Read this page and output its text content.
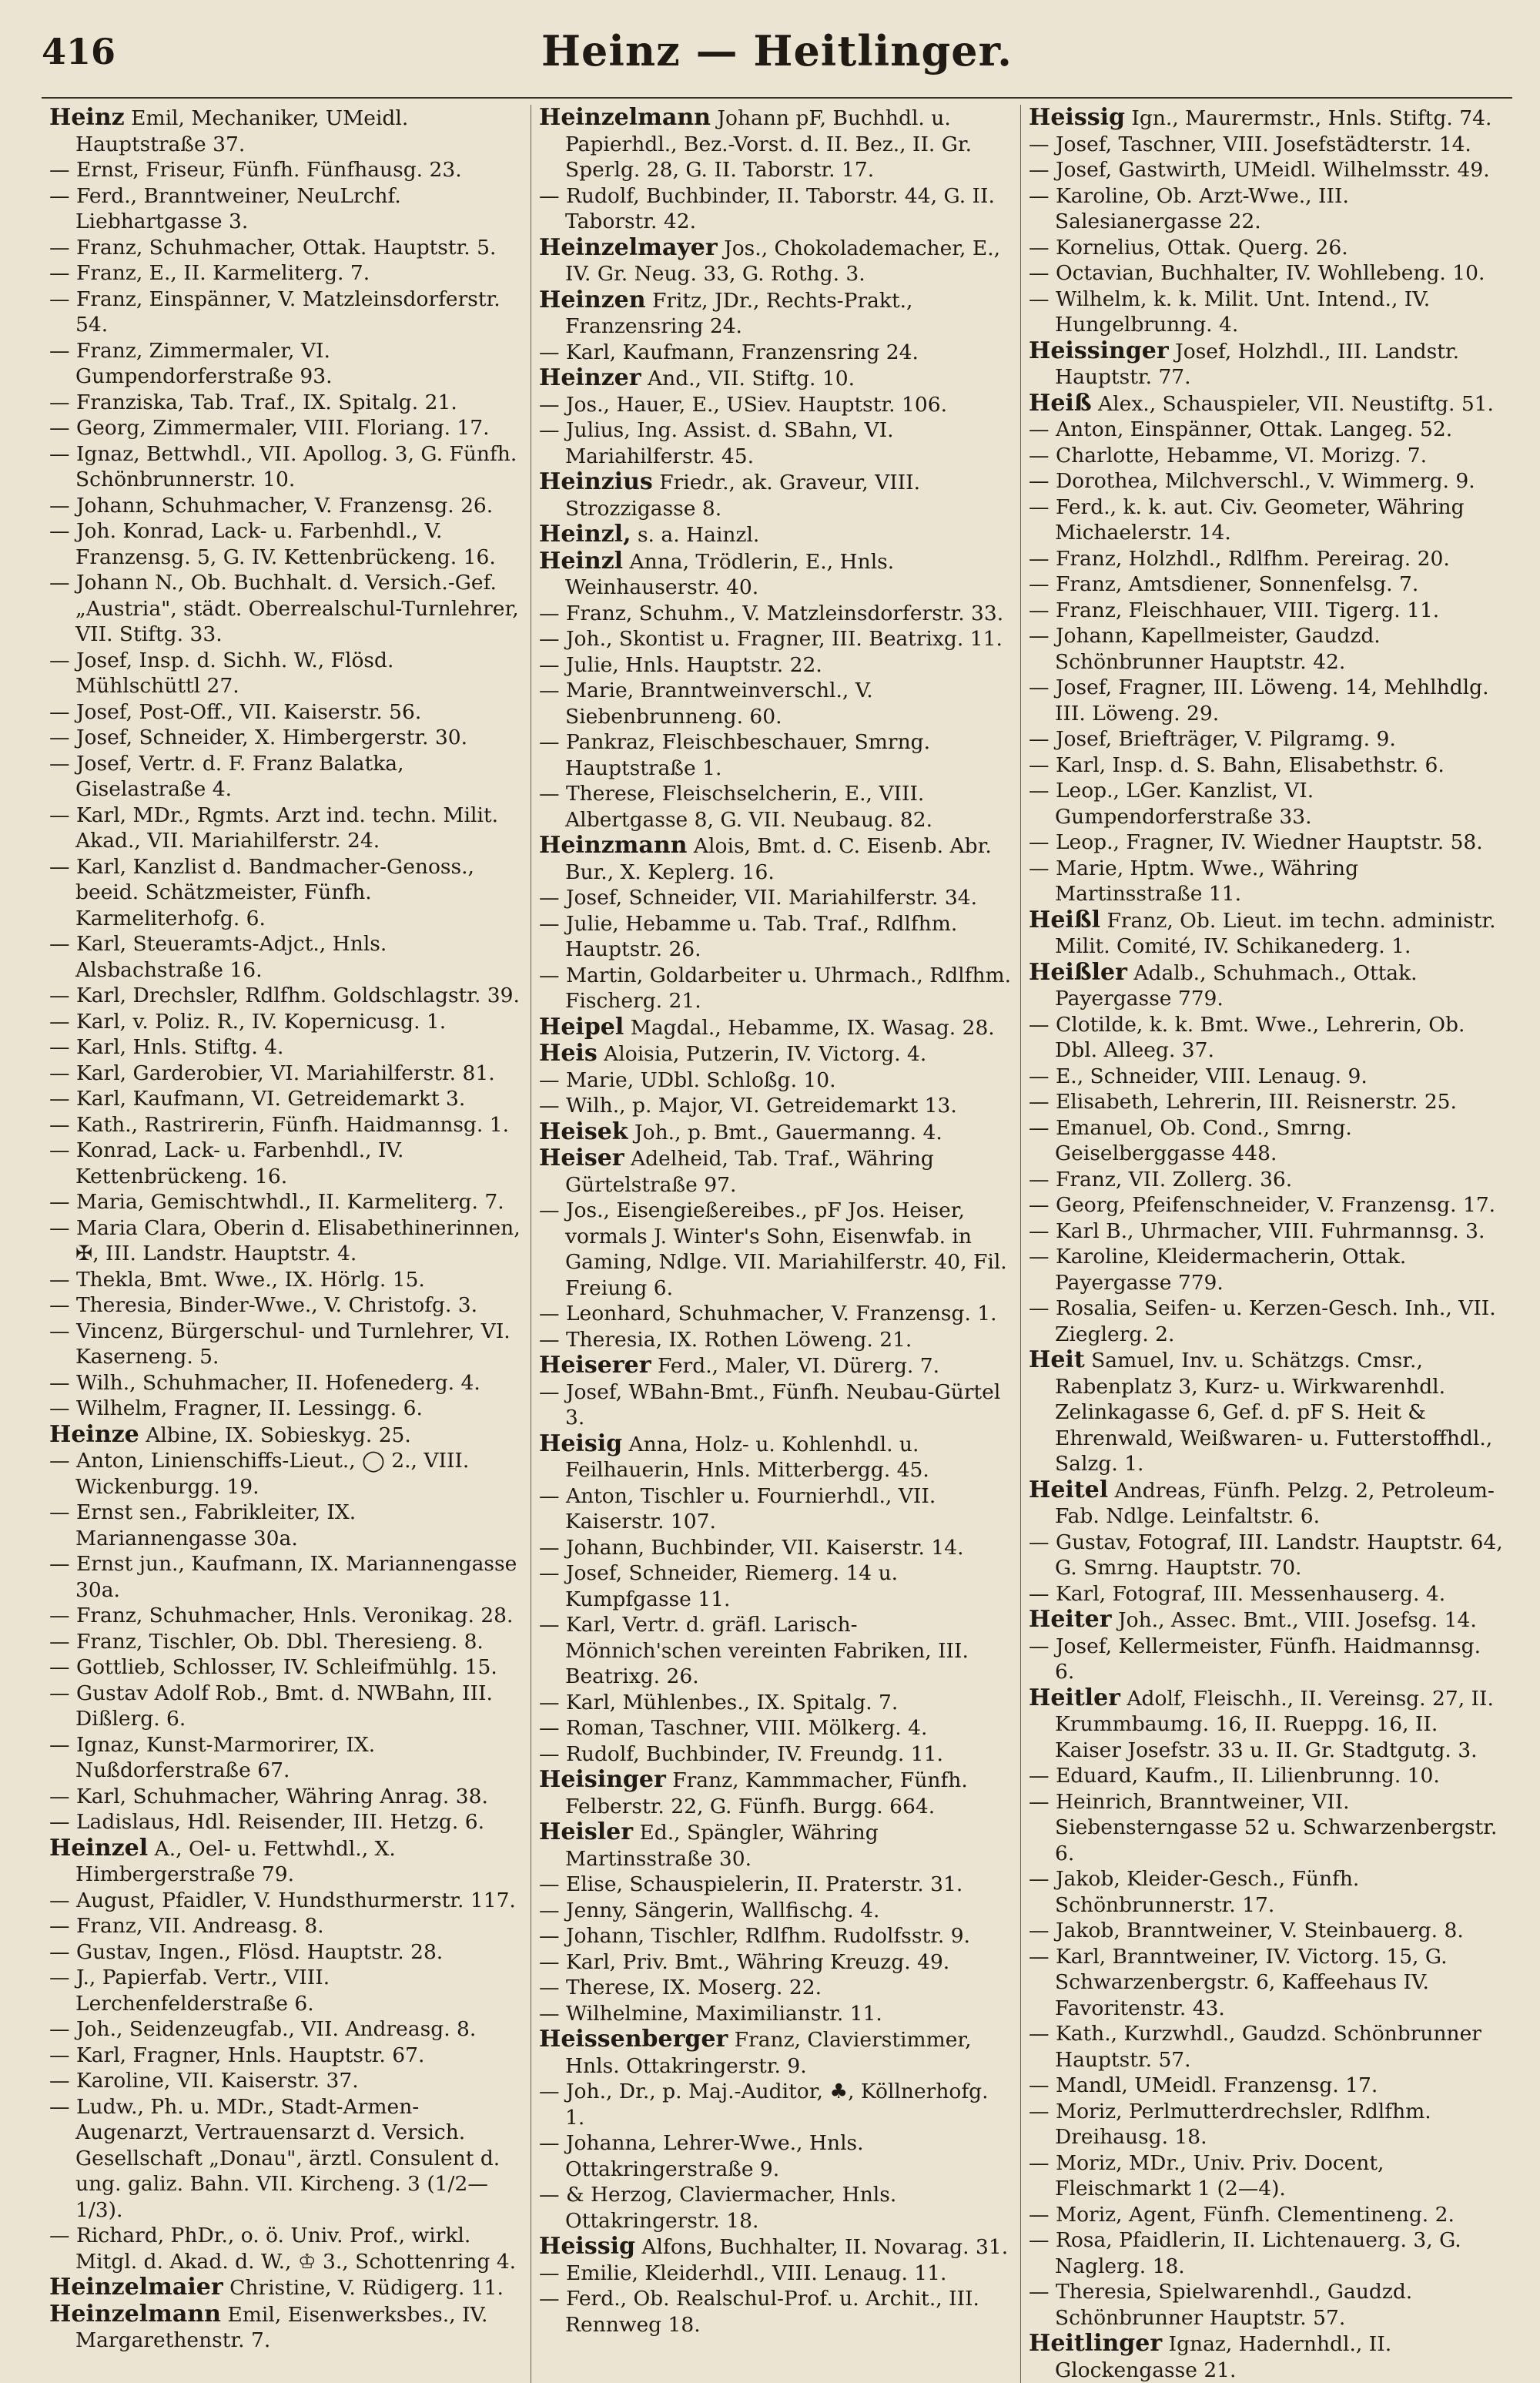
416	Heinz — Heitlinger.

Heinz Emil, Mechaniker, UMeidl. Hauptstraße 37.

— Ernst, Friseur, Fünfh. Fünfhausg. 23.

— Ferd., Branntweiner, NeuLrchf. Liebhartgasse 3.

— Franz, Schuhmacher, Ottak. Hauptstr. 5.

— Franz, E., II. Karmeliterg. 7.

— Franz, Einspänner, V. Matzleinsdorferstr. 54.

— Franz, Zimmermaler, VI. Gumpendorferstraße 93.

— Franziska, Tab. Traf., IX. Spitalg. 21.

— Georg, Zimmermaler, VIII. Floriang. 17.

— Ignaz, Bettwhdl., VII. Apollog. 3, G. Fünfh. Schönbrunnerstr. 10.

— Johann, Schuhmacher, V. Franzensg. 26.

— Joh. Konrad, Lack- u. Farbenhdl., V. Franzensg. 5, G. IV. Kettenbrückeng. 16.

— Johann N., Ob. Buchhalt. d. Versich.-Gef. „Austria", städt. Oberrealschul-Turnlehrer, VII. Stiftg. 33.

— Josef, Insp. d. Sichh. W., Flösd. Mühlschüttl 27.

— Josef, Post-Off., VII. Kaiserstr. 56.

— Josef, Schneider, X. Himbergerstr. 30.

— Josef, Vertr. d. F. Franz Balatka, Giselastraße 4.

— Karl, MDr., Rgmts. Arzt ind. techn. Milit. Akad., VII. Mariahilferstr. 24.

— Karl, Kanzlist d. Bandmacher-Genoss., beeid. Schätzmeister, Fünfh. Karmeliterhofg. 6.

— Karl, Steueramts-Adjct., Hnls. Alsbachstraße 16.

— Karl, Drechsler, Rdlfhm. Goldschlagstr. 39.

— Karl, v. Poliz. R., IV. Kopernicusg. 1.

— Karl, Hnls. Stiftg. 4.

— Karl, Garderobier, VI. Mariahilferstr. 81.

— Karl, Kaufmann, VI. Getreidemarkt 3.

— Kath., Rastrirerin, Fünfh. Haidmannsg. 1.

— Konrad, Lack- u. Farbenhdl., IV. Kettenbrückeng. 16.

— Maria, Gemischtwhdl., II. Karmeliterg. 7.

— Maria Clara, Oberin d. Elisabethinerinnen, ✠, III. Landstr. Hauptstr. 4.

— Thekla, Bmt. Wwe., IX. Hörlg. 15.

— Theresia, Binder-Wwe., V. Christofg. 3.

— Vincenz, Bürgerschul- und Turnlehrer, VI. Kaserneng. 5.

— Wilh., Schuhmacher, II. Hofenederg. 4.

— Wilhelm, Fragner, II. Lessingg. 6.

Heinze Albine, IX. Sobieskyg. 25.

— Anton, Linienschiffs-Lieut., ◯ 2., VIII. Wickenburgg. 19.

— Ernst sen., Fabrikleiter, IX. Mariannengasse 30a.

— Ernst jun., Kaufmann, IX. Mariannengasse 30a.

— Franz, Schuhmacher, Hnls. Veronikag. 28.

— Franz, Tischler, Ob. Dbl. Theresieng. 8.

— Gottlieb, Schlosser, IV. Schleifmühlg. 15.

— Gustav Adolf Rob., Bmt. d. NWBahn, III. Dißlerg. 6.

— Ignaz, Kunst-Marmorirer, IX. Nußdorferstraße 67.

— Karl, Schuhmacher, Währing Anrag. 38.

— Ladislaus, Hdl. Reisender, III. Hetzg. 6.

Heinzel A., Oel- u. Fettwhdl., X. Himbergerstraße 79.

— August, Pfaidler, V. Hundsthurmerstr. 117.

— Franz, VII. Andreasg. 8.

— Gustav, Ingen., Flösd. Hauptstr. 28.

— J., Papierfab. Vertr., VIII. Lerchenfelderstraße 6.

— Joh., Seidenzeugfab., VII. Andreasg. 8.

— Karl, Fragner, Hnls. Hauptstr. 67.

— Karoline, VII. Kaiserstr. 37.

— Ludw., Ph. u. MDr., Stadt-Armen-Augenarzt, Vertrauensarzt d. Versich. Gesellschaft „Donau", ärztl. Consulent d. ung. galiz. Bahn. VII. Kircheng. 3 (1/2—1/3).

— Richard, PhDr., o. ö. Univ. Prof., wirkl. Mitgl. d. Akad. d. W., ♔ 3., Schottenring 4.

Heinzelmaier Christine, V. Rüdigerg. 11.

Heinzelmann Emil, Eisenwerksbes., IV. Margarethenstr. 7.

Heinzelmann Johann pF, Buchhdl. u. Papierhdl., Bez.-Vorst. d. II. Bez., II. Gr. Sperlg. 28, G. II. Taborstr. 17.

— Rudolf, Buchbinder, II. Taborstr. 44, G. II. Taborstr. 42.

Heinzelmayer Jos., Chokolademacher, E., IV. Gr. Neug. 33, G. Rothg. 3.

Heinzen Fritz, JDr., Rechts-Prakt., Franzensring 24.

— Karl, Kaufmann, Franzensring 24.

Heinzer And., VII. Stiftg. 10.

— Jos., Hauer, E., USiev. Hauptstr. 106.

— Julius, Ing. Assist. d. SBahn, VI. Mariahilferstr. 45.

Heinzius Friedr., ak. Graveur, VIII. Strozzigasse 8.

Heinzl, s. a. Hainzl.

Heinzl Anna, Trödlerin, E., Hnls. Weinhauserstr. 40.

— Franz, Schuhm., V. Matzleinsdorferstr. 33.

— Joh., Skontist u. Fragner, III. Beatrixg. 11.

— Julie, Hnls. Hauptstr. 22.

— Marie, Branntweinverschl., V. Siebenbrunneng. 60.

— Pankraz, Fleischbeschauer, Smrng. Hauptstraße 1.

— Therese, Fleischselcherin, E., VIII. Albertgasse 8, G. VII. Neubaug. 82.

Heinzmann Alois, Bmt. d. C. Eisenb. Abr. Bur., X. Keplerg. 16.

— Josef, Schneider, VII. Mariahilferstr. 34.

— Julie, Hebamme u. Tab. Traf., Rdlfhm. Hauptstr. 26.

— Martin, Goldarbeiter u. Uhrmach., Rdlfhm. Fischerg. 21.

Heipel Magdal., Hebamme, IX. Wasag. 28.

Heis Aloisia, Putzerin, IV. Victorg. 4.

— Marie, UDbl. Schloßg. 10.

— Wilh., p. Major, VI. Getreidemarkt 13.

Heisek Joh., p. Bmt., Gauermanng. 4.

Heiser Adelheid, Tab. Traf., Währing Gürtelstraße 97.

— Jos., Eisengießereibes., pF Jos. Heiser, vormals J. Winter's Sohn, Eisenwfab. in Gaming, Ndlge. VII. Mariahilferstr. 40, Fil. Freiung 6.

— Leonhard, Schuhmacher, V. Franzensg. 1.

— Theresia, IX. Rothen Löweng. 21.

Heiserer Ferd., Maler, VI. Dürerg. 7.

— Josef, WBahn-Bmt., Fünfh. Neubau-Gürtel 3.

Heisig Anna, Holz- u. Kohlenhdl. u. Feilhauerin, Hnls. Mitterbergg. 45.

— Anton, Tischler u. Fournierhdl., VII. Kaiserstr. 107.

— Johann, Buchbinder, VII. Kaiserstr. 14.

— Josef, Schneider, Riemerg. 14 u. Kumpfgasse 11.

— Karl, Vertr. d. gräfl. Larisch-Mönnich'schen vereinten Fabriken, III. Beatrixg. 26.

— Karl, Mühlenbes., IX. Spitalg. 7.

— Roman, Taschner, VIII. Mölkerg. 4.

— Rudolf, Buchbinder, IV. Freundg. 11.

Heisinger Franz, Kammmacher, Fünfh. Felberstr. 22, G. Fünfh. Burgg. 664.

Heisler Ed., Spängler, Währing Martinsstraße 30.

— Elise, Schauspielerin, II. Praterstr. 31.

— Jenny, Sängerin, Wallfischg. 4.

— Johann, Tischler, Rdlfhm. Rudolfsstr. 9.

— Karl, Priv. Bmt., Währing Kreuzg. 49.

— Therese, IX. Moserg. 22.

— Wilhelmine, Maximilianstr. 11.

Heissenberger Franz, Clavierstimmer, Hnls. Ottakringerstr. 9.

— Joh., Dr., p. Maj.-Auditor, ♣, Köllnerhofg. 1.

— Johanna, Lehrer-Wwe., Hnls. Ottakringerstraße 9.

— & Herzog, Claviermacher, Hnls. Ottakringerstr. 18.

Heissig Alfons, Buchhalter, II. Novarag. 31.

— Emilie, Kleiderhdl., VIII. Lenaug. 11.

— Ferd., Ob. Realschul-Prof. u. Archit., III. Rennweg 18.

Heissig Ign., Maurermstr., Hnls. Stiftg. 74.

— Josef, Taschner, VIII. Josefstädterstr. 14.

— Josef, Gastwirth, UMeidl. Wilhelmsstr. 49.

— Karoline, Ob. Arzt-Wwe., III. Salesianergasse 22.

— Kornelius, Ottak. Querg. 26.

— Octavian, Buchhalter, IV. Wohllebeng. 10.

— Wilhelm, k. k. Milit. Unt. Intend., IV. Hungelbrunng. 4.

Heissinger Josef, Holzhdl., III. Landstr. Hauptstr. 77.

Heiß Alex., Schauspieler, VII. Neustiftg. 51.

— Anton, Einspänner, Ottak. Langeg. 52.

— Charlotte, Hebamme, VI. Morizg. 7.

— Dorothea, Milchverschl., V. Wimmerg. 9.

— Ferd., k. k. aut. Civ. Geometer, Währing Michaelerstr. 14.

— Franz, Holzhdl., Rdlfhm. Pereirag. 20.

— Franz, Amtsdiener, Sonnenfelsg. 7.

— Franz, Fleischhauer, VIII. Tigerg. 11.

— Johann, Kapellmeister, Gaudzd. Schönbrunner Hauptstr. 42.

— Josef, Fragner, III. Löweng. 14, Mehlhdlg. III. Löweng. 29.

— Josef, Briefträger, V. Pilgramg. 9.

— Karl, Insp. d. S. Bahn, Elisabethstr. 6.

— Leop., LGer. Kanzlist, VI. Gumpendorferstraße 33.

— Leop., Fragner, IV. Wiedner Hauptstr. 58.

— Marie, Hptm. Wwe., Währing Martinsstraße 11.

Heißl Franz, Ob. Lieut. im techn. administr. Milit. Comité, IV. Schikanederg. 1.

Heißler Adalb., Schuhmach., Ottak. Payergasse 779.

— Clotilde, k. k. Bmt. Wwe., Lehrerin, Ob. Dbl. Alleeg. 37.

— E., Schneider, VIII. Lenaug. 9.

— Elisabeth, Lehrerin, III. Reisnerstr. 25.

— Emanuel, Ob. Cond., Smrng. Geiselberggasse 448.

— Franz, VII. Zollerg. 36.

— Georg, Pfeifenschneider, V. Franzensg. 17.

— Karl B., Uhrmacher, VIII. Fuhrmannsg. 3.

— Karoline, Kleidermacherin, Ottak. Payergasse 779.

— Rosalia, Seifen- u. Kerzen-Gesch. Inh., VII. Zieglerg. 2.

Heit Samuel, Inv. u. Schätzgs. Cmsr., Rabenplatz 3, Kurz- u. Wirkwarenhdl. Zelinkagasse 6, Gef. d. pF S. Heit & Ehrenwald, Weißwaren- u. Futterstoffhdl., Salzg. 1.

Heitel Andreas, Fünfh. Pelzg. 2, Petroleum-Fab. Ndlge. Leinfaltstr. 6.

— Gustav, Fotograf, III. Landstr. Hauptstr. 64, G. Smrng. Hauptstr. 70.

— Karl, Fotograf, III. Messenhauserg. 4.

Heiter Joh., Assec. Bmt., VIII. Josefsg. 14.

— Josef, Kellermeister, Fünfh. Haidmannsg. 6.

Heitler Adolf, Fleischh., II. Vereinsg. 27, II. Krummbaumg. 16, II. Rueppg. 16, II. Kaiser Josefstr. 33 u. II. Gr. Stadtgutg. 3.

— Eduard, Kaufm., II. Lilienbrunng. 10.

— Heinrich, Branntweiner, VII. Siebensterngasse 52 u. Schwarzenbergstr. 6.

— Jakob, Kleider-Gesch., Fünfh. Schönbrunnerstr. 17.

— Jakob, Branntweiner, V. Steinbauerg. 8.

— Karl, Branntweiner, IV. Victorg. 15, G. Schwarzenbergstr. 6, Kaffeehaus IV. Favoritenstr. 43.

— Kath., Kurzwhdl., Gaudzd. Schönbrunner Hauptstr. 57.

— Mandl, UMeidl. Franzensg. 17.

— Moriz, Perlmutterdrechsler, Rdlfhm. Dreihausg. 18.

— Moriz, MDr., Univ. Priv. Docent, Fleischmarkt 1 (2—4).

— Moriz, Agent, Fünfh. Clementineng. 2.

— Rosa, Pfaidlerin, II. Lichtenauerg. 3, G. Naglerg. 18.

— Theresia, Spielwarenhdl., Gaudzd. Schönbrunner Hauptstr. 57.

Heitlinger Ignaz, Hadernhdl., II. Glockengasse 21.
